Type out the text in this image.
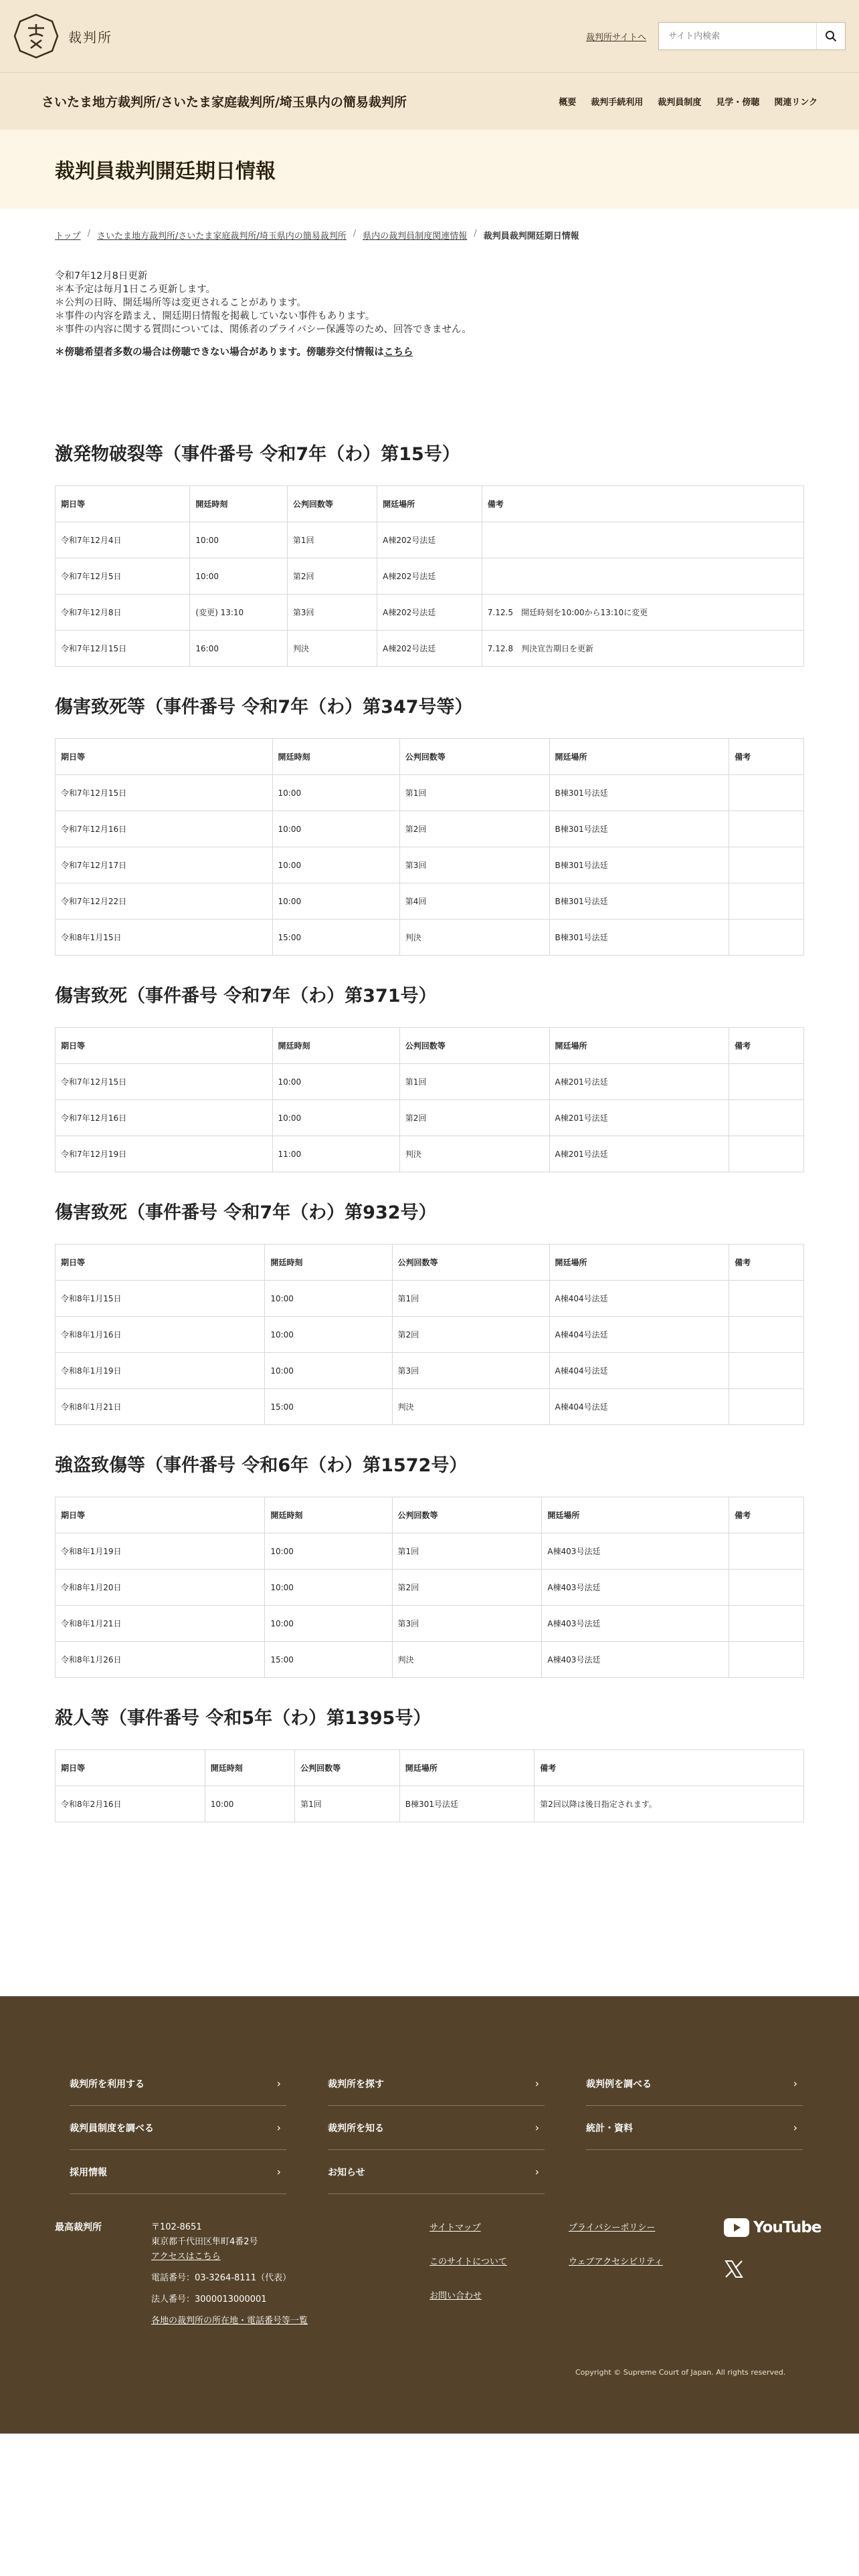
裁判所	裁判所サイトへ
サイト内検索
さいたま地方裁判所/さいたま家庭裁判所/埼玉県内の簡易裁判所	概要 裁判手続利用 裁判員制度 見学・傍聴 関連リンク
裁判員裁判開廷期日情報
トップ / さいたま地方裁判所/さいたま家庭裁判所/埼玉県内の簡易裁判所 / 県内の裁判員制度関連情報 / 裁判員裁判開廷期日情報

令和7年12月8日更新

＊本予定は毎月1日ころ更新します。

＊公判の日時、開廷場所等は変更されることがあります。

＊事件の内容を踏まえ、開廷期日情報を掲載していない事件もあります。

＊事件の内容に関する質問については、関係者のプライバシー保護等のため、回答できません。

＊傍聴希望者多数の場合は傍聴できない場合があります。傍聴券交付情報はこちら

激発物破裂等（事件番号 令和7年（わ）第15号）
期日等	開廷時刻	公判回数等	開廷場所	備考
令和7年12月4日	10:00	第1回	A棟202号法廷	
令和7年12月5日	10:00	第2回	A棟202号法廷	
令和7年12月8日	(変更) 13:10	第3回	A棟202号法廷	7.12.5　開廷時刻を10:00から13:10に変更
令和7年12月15日	16:00	判決	A棟202号法廷	7.12.8　判決宣告期日を更新
傷害致死等（事件番号 令和7年（わ）第347号等）
期日等	開廷時刻	公判回数等	開廷場所	備考
令和7年12月15日	10:00	第1回	B棟301号法廷	
令和7年12月16日	10:00	第2回	B棟301号法廷	
令和7年12月17日	10:00	第3回	B棟301号法廷	
令和7年12月22日	10:00	第4回	B棟301号法廷	
令和8年1月15日	15:00	判決	B棟301号法廷	
傷害致死（事件番号 令和7年（わ）第371号）
期日等	開廷時刻	公判回数等	開廷場所	備考
令和7年12月15日	10:00	第1回	A棟201号法廷	
令和7年12月16日	10:00	第2回	A棟201号法廷	
令和7年12月19日	11:00	判決	A棟201号法廷	
傷害致死（事件番号 令和7年（わ）第932号）
期日等	開廷時刻	公判回数等	開廷場所	備考
令和8年1月15日	10:00	第1回	A棟404号法廷	
令和8年1月16日	10:00	第2回	A棟404号法廷	
令和8年1月19日	10:00	第3回	A棟404号法廷	
令和8年1月21日	15:00	判決	A棟404号法廷	
強盗致傷等（事件番号 令和6年（わ）第1572号）
期日等	開廷時刻	公判回数等	開廷場所	備考
令和8年1月19日	10:00	第1回	A棟403号法廷	
令和8年1月20日	10:00	第2回	A棟403号法廷	
令和8年1月21日	10:00	第3回	A棟403号法廷	
令和8年1月26日	15:00	判決	A棟403号法廷	
殺人等（事件番号 令和5年（わ）第1395号）
期日等	開廷時刻	公判回数等	開廷場所	備考
令和8年2月16日	10:00	第1回	B棟301号法廷	第2回以降は後日指定されます。
裁判所を利用する	›	裁判所を探す	›	裁判例を調べる	›
裁判員制度を調べる	›	裁判所を知る	›	統計・資料	›
採用情報	›	お知らせ	›
最高裁判所	〒102-8651
東京都千代田区隼町4番2号
アクセスはこちら
電話番号：03-3264-8111（代表）
法人番号：3000013000001
各地の裁判所の所在地・電話番号等一覧
サイトマップ	プライバシーポリシー
このサイトについて	ウェブアクセシビリティ
お問い合わせ
YouTube
Copyright © Supreme Court of Japan. All rights reserved.
